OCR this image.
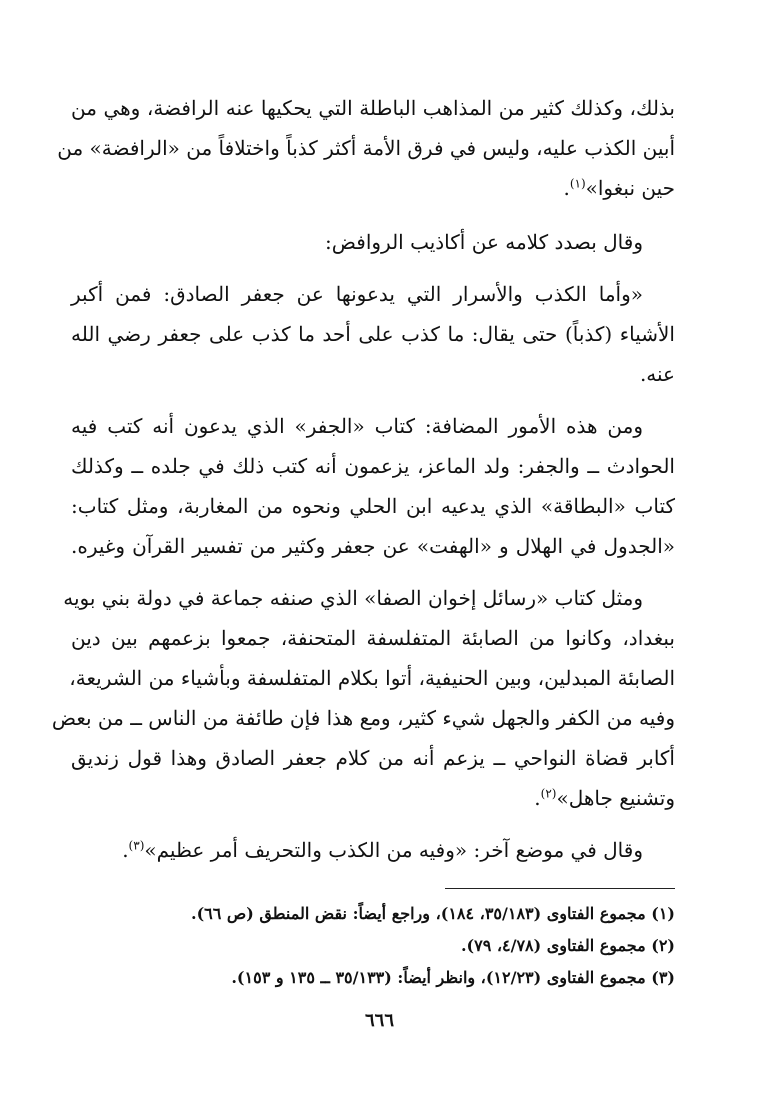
بذلك، وكذلك كثير من المذاهب الباطلة التي يحكيها عنه الرافضة، وهي من
أبين الكذب عليه، وليس في فرق الأمة أكثر كذباً واختلافاً من «الرافضة» من
حين نبغوا»$^{(١)}$.
وقال بصدد كلامه عن أكاذيب الروافض:
«وأما الكذب والأسرار التي يدعونها عن جعفر الصادق: فمن أكبر
الأشياء (كذباً) حتى يقال: ما كذب على أحد ما كذب على جعفر رضي الله
عنه.
ومن هذه الأمور المضافة: كتاب «الجفر» الذي يدعون أنه كتب فيه
الحوادث ــ والجفر: ولد الماعز، يزعمون أنه كتب ذلك في جلده ــ وكذلك
كتاب «البطاقة» الذي يدعيه ابن الحلي ونحوه من المغاربة، ومثل كتاب:
«الجدول في الهلال و «الهفت» عن جعفر وكثير من تفسير القرآن وغيره.
ومثل كتاب «رسائل إخوان الصفا» الذي صنفه جماعة في دولة بني بويه
ببغداد، وكانوا من الصابئة المتفلسفة المتحنفة، جمعوا بزعمهم بين دين
الصابئة المبدلين، وبين الحنيفية، أتوا بكلام المتفلسفة وبأشياء من الشريعة،
وفيه من الكفر والجهل شيء كثير، ومع هذا فإن طائفة من الناس ــ من بعض
أكابر قضاة النواحي ــ يزعم أنه من كلام جعفر الصادق وهذا قول زنديق
وتشنيع جاهل»$^{(٢)}$.
وقال في موضع آخر: «وفيه من الكذب والتحريف أمر عظيم»$^{(٣)}$.
(١) مجموع الفتاوى (٣٥/١٨٣، ١٨٤)، وراجع أيضاً: نقض المنطق (ص ٦٦).
(٢) مجموع الفتاوى (٤/٧٨، ٧٩).
(٣) مجموع الفتاوى (١٢/٢٣)، وانظر أيضاً: (٣٥/١٣٣ ــ ١٣٥ و ١٥٣).
٦٦٦
